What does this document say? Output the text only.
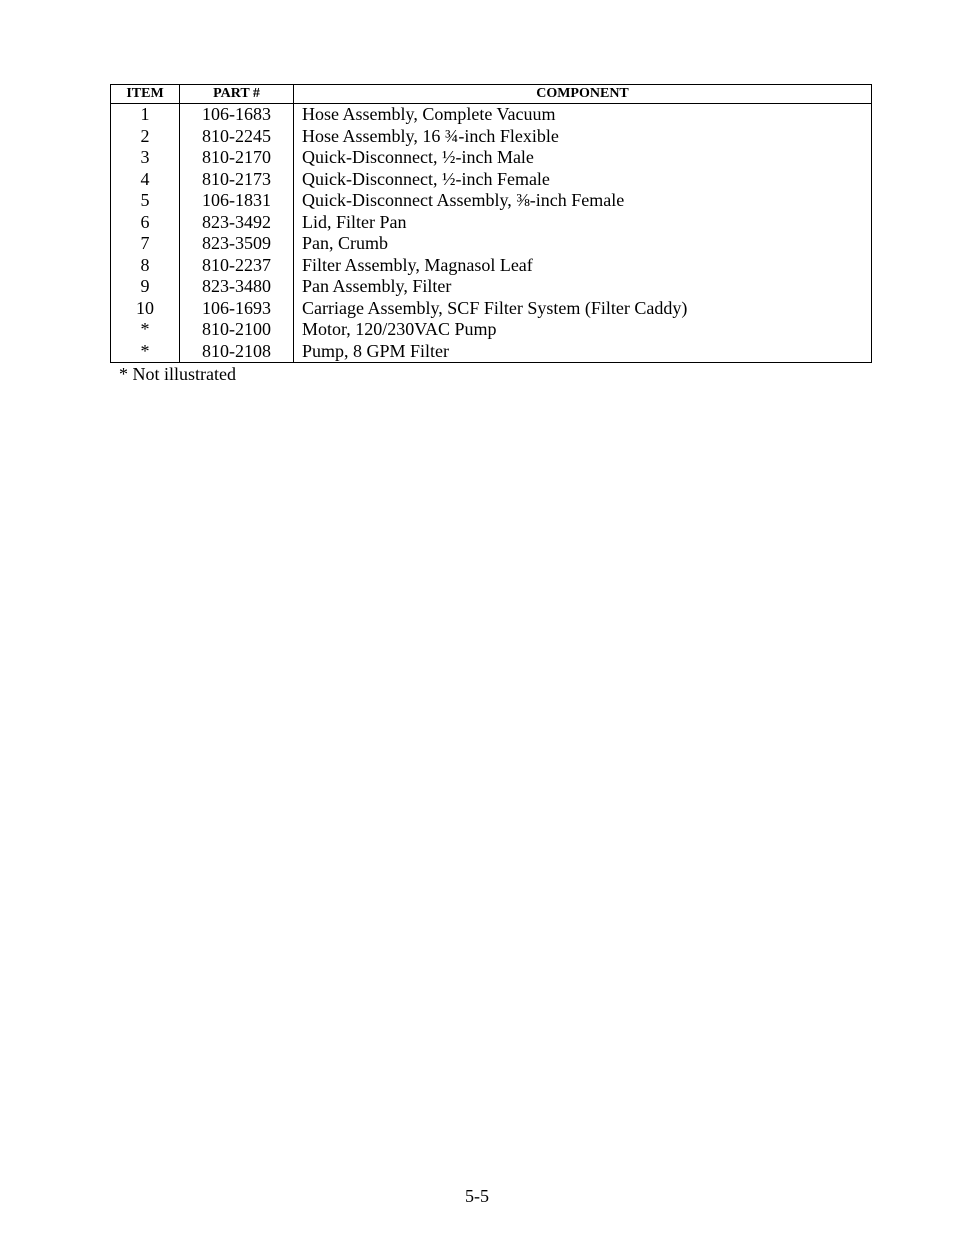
ITEM	PART #	COMPONENT
1	106-1683	Hose Assembly, Complete Vacuum
2	810-2245	Hose Assembly, 16 ¾-inch Flexible
3	810-2170	Quick-Disconnect, ½-inch Male
4	810-2173	Quick-Disconnect, ½-inch Female
5	106-1831	Quick-Disconnect Assembly, ⅜-inch Female
6	823-3492	Lid, Filter Pan
7	823-3509	Pan, Crumb
8	810-2237	Filter Assembly, Magnasol Leaf
9	823-3480	Pan Assembly, Filter
10	106-1693	Carriage Assembly, SCF Filter System (Filter Caddy)
*	810-2100	Motor, 120/230VAC Pump
*	810-2108	Pump, 8 GPM Filter
* Not illustrated
5-5
